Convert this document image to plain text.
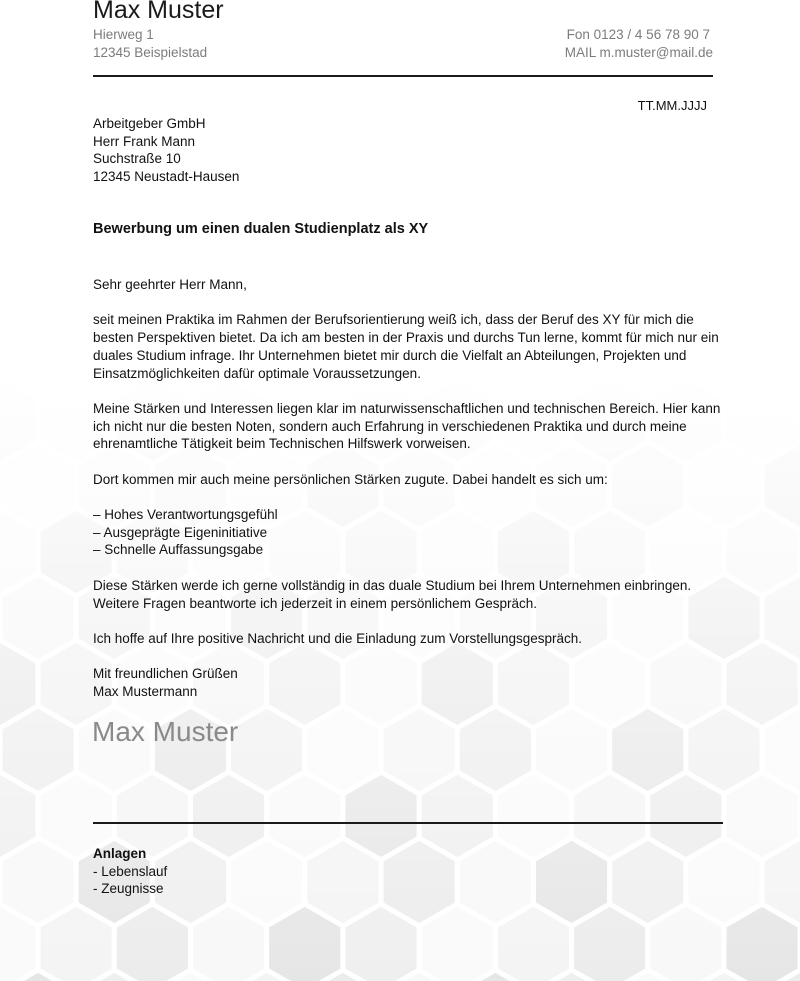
Max Muster
Hierweg 1
12345 Beispielstad
Fon 0123 / 4 56 78 90 7
MAIL m.muster@mail.de
TT.MM.JJJJ
Arbeitgeber GmbH
Herr Frank Mann
Suchstraße 10
12345 Neustadt-Hausen
Bewerbung um einen dualen Studienplatz als XY

Sehr geehrter Herr Mann,

seit meinen Praktika im Rahmen der Berufsorientierung weiß ich, dass der Beruf des XY für mich die besten Perspektiven bietet. Da ich am besten in der Praxis und durchs Tun lerne, kommt für mich nur ein duales Studium infrage. Ihr Unternehmen bietet mir durch die Vielfalt an Abteilungen, Projekten und Einsatzmöglichkeiten dafür optimale Voraussetzungen.

Meine Stärken und Interessen liegen klar im naturwissenschaftlichen und technischen Bereich. Hier kann ich nicht nur die besten Noten, sondern auch Erfahrung in verschiedenen Praktika und durch meine ehrenamtliche Tätigkeit beim Technischen Hilfswerk vorweisen.

Dort kommen mir auch meine persönlichen Stärken zugute. Dabei handelt es sich um:

– Hohes Verantwortungsgefühl
– Ausgeprägte Eigeninitiative
– Schnelle Auffassungsgabe

Diese Stärken werde ich gerne vollständig in das duale Studium bei Ihrem Unternehmen einbringen. Weitere Fragen beantworte ich jederzeit in einem persönlichem Gespräch.

Ich hoffe auf Ihre positive Nachricht und die Einladung zum Vorstellungsgespräch.

Mit freundlichen Grüßen
Max Mustermann

Max Muster
Anlagen
- Lebenslauf
- Zeugnisse
